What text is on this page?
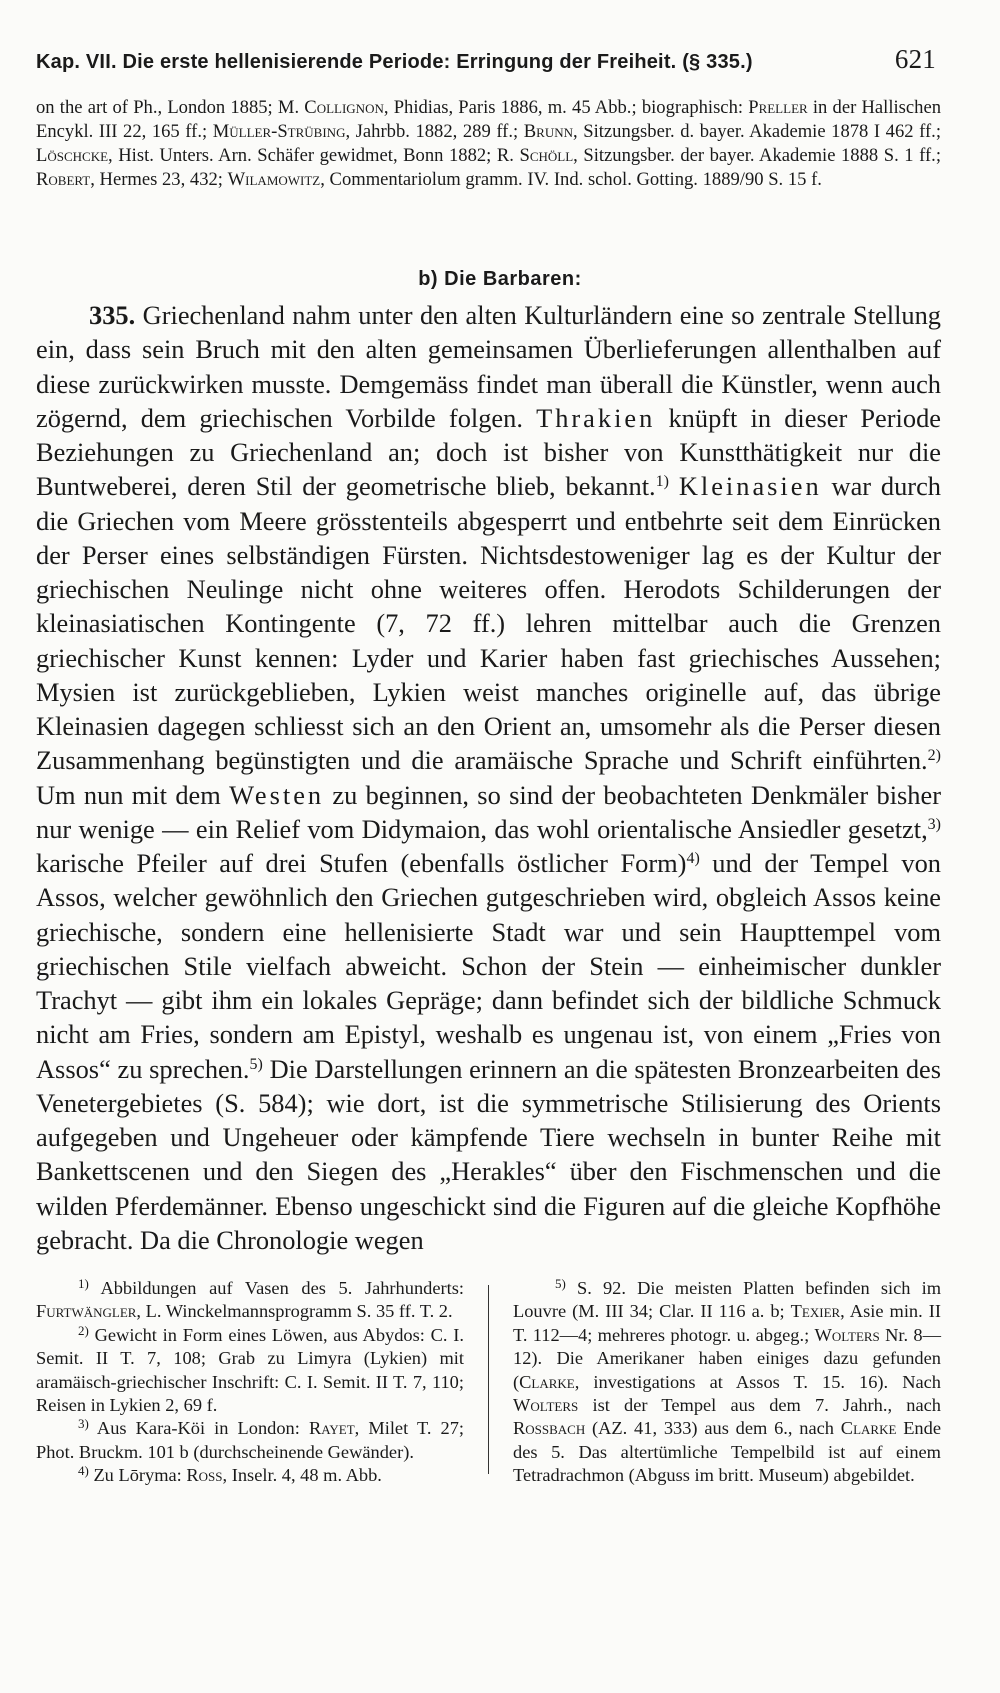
Kap. VII. Die erste hellenisierende Periode: Erringung der Freiheit. (§ 335.)	621

on the art of Ph., London 1885; M. Collignon, Phidias, Paris 1886, m. 45 Abb.; biographisch: Preller in der Hallischen Encykl. III 22, 165 ff.; Müller-Strübing, Jahrbb. 1882, 289 ff.; Brunn, Sitzungsber. d. bayer. Akademie 1878 I 462 ff.; Löschcke, Hist. Unters. Arn. Schäfer gewidmet, Bonn 1882; R. Schöll, Sitzungsber. der bayer. Akademie 1888 S. 1 ff.; Robert, Hermes 23, 432; Wilamowitz, Commentariolum gramm. IV. Ind. schol. Gotting. 1889/90 S. 15 f.

b) Die Barbaren:

335. Griechenland nahm unter den alten Kulturländern eine so zentrale Stellung ein, dass sein Bruch mit den alten gemeinsamen Überlieferungen allenthalben auf diese zurückwirken musste. Demgemäss findet man überall die Künstler, wenn auch zögernd, dem griechischen Vorbilde folgen. Thrakien knüpft in dieser Periode Beziehungen zu Griechenland an; doch ist bisher von Kunstthätigkeit nur die Buntweberei, deren Stil der geometrische blieb, bekannt.$^{1)}$ Kleinasien war durch die Griechen vom Meere grösstenteils abgesperrt und entbehrte seit dem Einrücken der Perser eines selbständigen Fürsten. Nichtsdestoweniger lag es der Kultur der griechischen Neulinge nicht ohne weiteres offen. Herodots Schilderungen der kleinasiatischen Kontingente (7, 72 ff.) lehren mittelbar auch die Grenzen griechischer Kunst kennen: Lyder und Karier haben fast griechisches Aussehen; Mysien ist zurückgeblieben, Lykien weist manches originelle auf, das übrige Kleinasien dagegen schliesst sich an den Orient an, umsomehr als die Perser diesen Zusammenhang begünstigten und die aramäische Sprache und Schrift einführten.$^{2)}$ Um nun mit dem Westen zu beginnen, so sind der beobachteten Denkmäler bisher nur wenige — ein Relief vom Didymaion, das wohl orientalische Ansiedler gesetzt,$^{3)}$ karische Pfeiler auf drei Stufen (ebenfalls östlicher Form)$^{4)}$ und der Tempel von Assos, welcher gewöhnlich den Griechen gutgeschrieben wird, obgleich Assos keine griechische, sondern eine hellenisierte Stadt war und sein Haupttempel vom griechischen Stile vielfach abweicht. Schon der Stein — einheimischer dunkler Trachyt — gibt ihm ein lokales Gepräge; dann befindet sich der bildliche Schmuck nicht am Fries, sondern am Epistyl, weshalb es ungenau ist, von einem „Fries von Assos“ zu sprechen.$^{5)}$ Die Darstellungen erinnern an die spätesten Bronzearbeiten des Venetergebietes (S. 584); wie dort, ist die symmetrische Stilisierung des Orients aufgegeben und Ungeheuer oder kämpfende Tiere wechseln in bunter Reihe mit Bankettscenen und den Siegen des „Herakles“ über den Fischmenschen und die wilden Pferdemänner. Ebenso ungeschickt sind die Figuren auf die gleiche Kopfhöhe gebracht. Da die Chronologie wegen

$^{1)}$ Abbildungen auf Vasen des 5. Jahrhunderts: Furtwängler, L. Winckelmannsprogramm S. 35 ff. T. 2.

$^{2)}$ Gewicht in Form eines Löwen, aus Abydos: C. I. Semit. II T. 7, 108; Grab zu Limyra (Lykien) mit aramäisch-griechischer Inschrift: C. I. Semit. II T. 7, 110; Reisen in Lykien 2, 69 f.

$^{3)}$ Aus Kara-Köi in London: Rayet, Milet T. 27; Phot. Bruckm. 101 b (durchscheinende Gewänder).

$^{4)}$ Zu Lōryma: Ross, Inselr. 4, 48 m. Abb.

$^{5)}$ S. 92. Die meisten Platten befinden sich im Louvre (M. III 34; Clar. II 116 a. b; Texier, Asie min. II T. 112—4; mehreres photogr. u. abgeg.; Wolters Nr. 8—12). Die Amerikaner haben einiges dazu gefunden (Clarke, investigations at Assos T. 15. 16). Nach Wolters ist der Tempel aus dem 7. Jahrh., nach Rossbach (AZ. 41, 333) aus dem 6., nach Clarke Ende des 5. Das altertümliche Tempelbild ist auf einem Tetradrachmon (Abguss im britt. Museum) abgebildet.
